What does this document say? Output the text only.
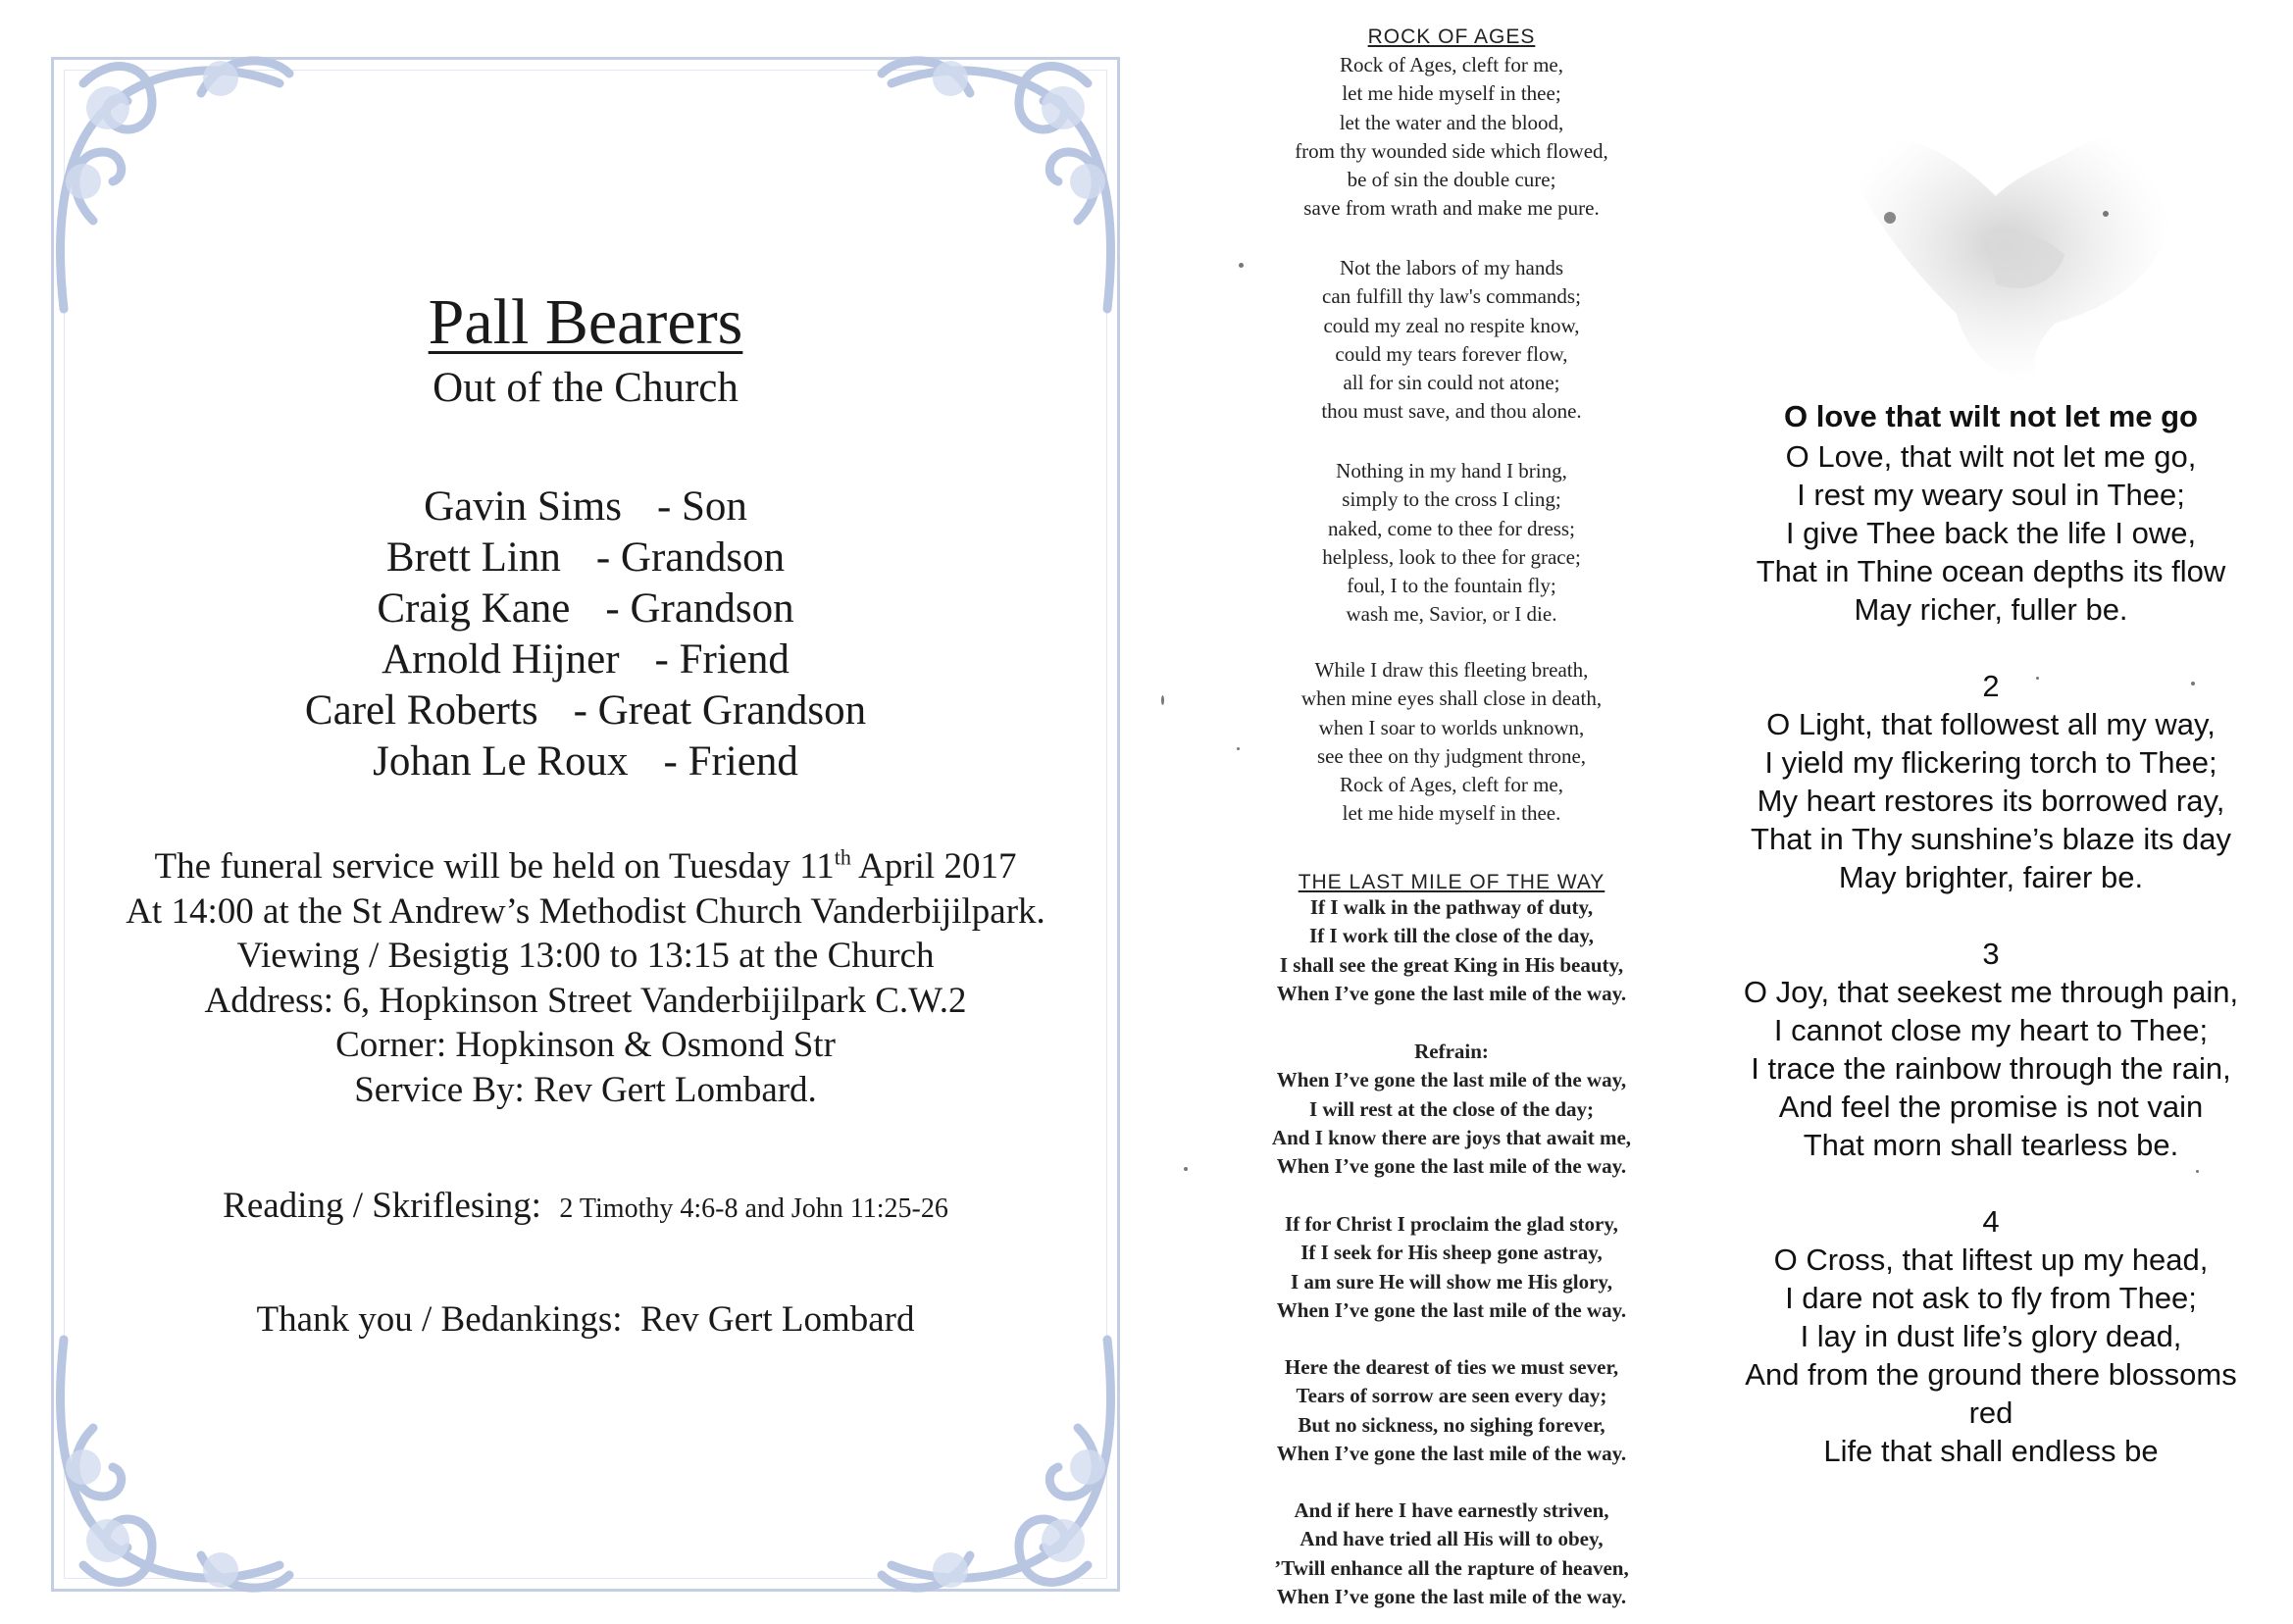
Pall Bearers
Out of the Church
Gavin Sims - Son
Brett Linn - Grandson
Craig Kane - Grandson
Arnold Hijner - Friend
Carel Roberts - Great Grandson
Johan Le Roux - Friend
The funeral service will be held on Tuesday 11th April 2017
At 14:00 at the St Andrew’s Methodist Church Vanderbijilpark.
Viewing / Besigtig 13:00 to 13:15 at the Church
Address: 6, Hopkinson Street Vanderbijilpark C.W.2
Corner: Hopkinson & Osmond Str
Service By: Rev Gert Lombard.
Reading / Skriflesing: 2 Timothy 4:6-8 and John 11:25-26
Thank you / Bedankings: Rev Gert Lombard
ROCK OF AGES
Rock of Ages, cleft for me,
let me hide myself in thee;
let the water and the blood,
from thy wounded side which flowed,
be of sin the double cure;
save from wrath and make me pure.
Not the labors of my hands
can fulfill thy law's commands;
could my zeal no respite know,
could my tears forever flow,
all for sin could not atone;
thou must save, and thou alone.
Nothing in my hand I bring,
simply to the cross I cling;
naked, come to thee for dress;
helpless, look to thee for grace;
foul, I to the fountain fly;
wash me, Savior, or I die.
While I draw this fleeting breath,
when mine eyes shall close in death,
when I soar to worlds unknown,
see thee on thy judgment throne,
Rock of Ages, cleft for me,
let me hide myself in thee.
THE LAST MILE OF THE WAY
If I walk in the pathway of duty,
If I work till the close of the day,
I shall see the great King in His beauty,
When I’ve gone the last mile of the way.
Refrain:
When I’ve gone the last mile of the way,
I will rest at the close of the day;
And I know there are joys that await me,
When I’ve gone the last mile of the way.
If for Christ I proclaim the glad story,
If I seek for His sheep gone astray,
I am sure He will show me His glory,
When I’ve gone the last mile of the way.
Here the dearest of ties we must sever,
Tears of sorrow are seen every day;
But no sickness, no sighing forever,
When I’ve gone the last mile of the way.
And if here I have earnestly striven,
And have tried all His will to obey,
’Twill enhance all the rapture of heaven,
When I’ve gone the last mile of the way.
O love that wilt not let me go
O Love, that wilt not let me go,
I rest my weary soul in Thee;
I give Thee back the life I owe,
That in Thine ocean depths its flow
May richer, fuller be.
2
O Light, that followest all my way,
I yield my flickering torch to Thee;
My heart restores its borrowed ray,
That in Thy sunshine’s blaze its day
May brighter, fairer be.
3
O Joy, that seekest me through pain,
I cannot close my heart to Thee;
I trace the rainbow through the rain,
And feel the promise is not vain
That morn shall tearless be.
4
O Cross, that liftest up my head,
I dare not ask to fly from Thee;
I lay in dust life’s glory dead,
And from the ground there blossoms
red
Life that shall endless be
